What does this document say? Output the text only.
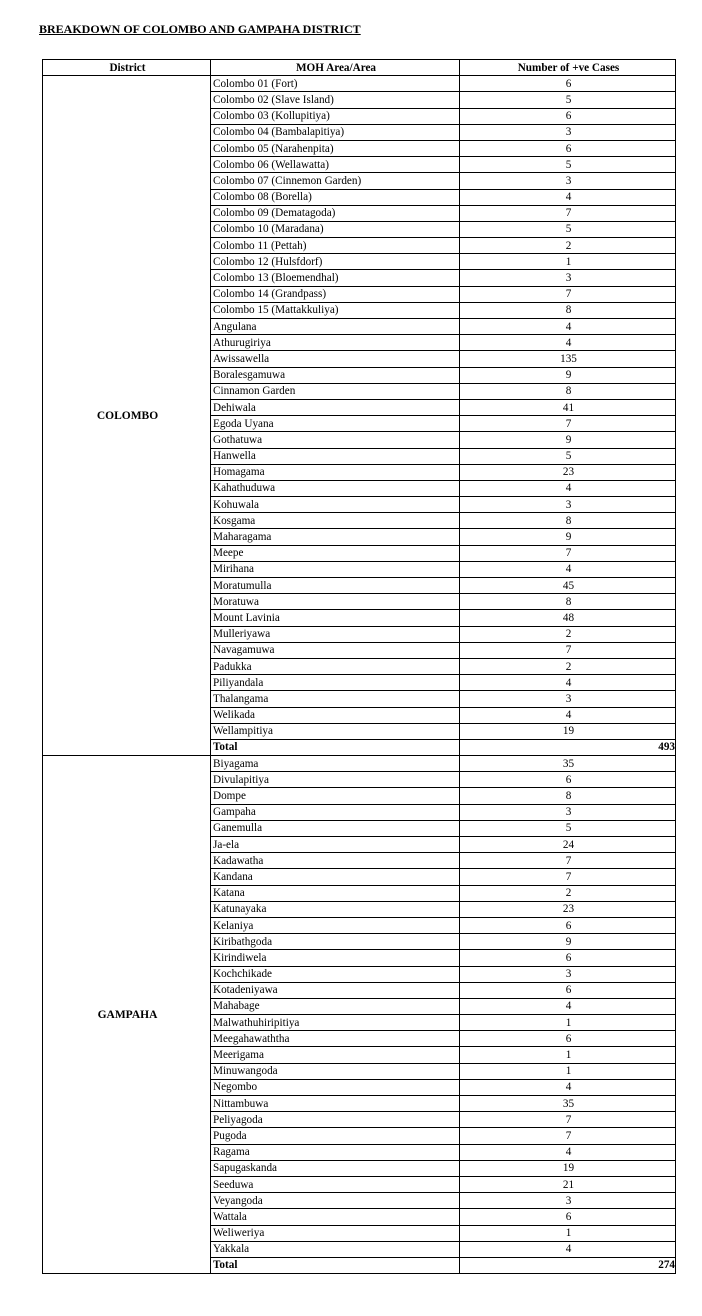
BREAKDOWN OF COLOMBO AND GAMPAHA DISTRICT
District	MOH Area/Area	Number of +ve Cases
COLOMBO	Colombo 01 (Fort)	6
	Colombo 02 (Slave Island)	5
	Colombo 03 (Kollupitiya)	6
	Colombo 04 (Bambalapitiya)	3
	Colombo 05 (Narahenpita)	6
	Colombo 06 (Wellawatta)	5
	Colombo 07 (Cinnemon Garden)	3
	Colombo 08 (Borella)	4
	Colombo 09 (Dematagoda)	7
	Colombo 10 (Maradana)	5
	Colombo 11 (Pettah)	2
	Colombo 12 (Hulsfdorf)	1
	Colombo 13 (Bloemendhal)	3
	Colombo 14 (Grandpass)	7
	Colombo 15 (Mattakkuliya)	8
	Angulana	4
	Athurugiriya	4
	Awissawella	135
	Boralesgamuwa	9
	Cinnamon Garden	8
	Dehiwala	41
	Egoda Uyana	7
	Gothatuwa	9
	Hanwella	5
	Homagama	23
	Kahathuduwa	4
	Kohuwala	3
	Kosgama	8
	Maharagama	9
	Meepe	7
	Mirihana	4
	Moratumulla	45
	Moratuwa	8
	Mount Lavinia	48
	Mulleriyawa	2
	Navagamuwa	7
	Padukka	2
	Piliyandala	4
	Thalangama	3
	Welikada	4
	Wellampitiya	19
	Total	493
GAMPAHA	Biyagama	35
	Divulapitiya	6
	Dompe	8
	Gampaha	3
	Ganemulla	5
	Ja-ela	24
	Kadawatha	7
	Kandana	7
	Katana	2
	Katunayaka	23
	Kelaniya	6
	Kiribathgoda	9
	Kirindiwela	6
	Kochchikade	3
	Kotadeniyawa	6
	Mahabage	4
	Malwathuhiripitiya	1
	Meegahawaththa	6
	Meerigama	1
	Minuwangoda	1
	Negombo	4
	Nittambuwa	35
	Peliyagoda	7
	Pugoda	7
	Ragama	4
	Sapugaskanda	19
	Seeduwa	21
	Veyangoda	3
	Wattala	6
	Weliweriya	1
	Yakkala	4
	Total	274
